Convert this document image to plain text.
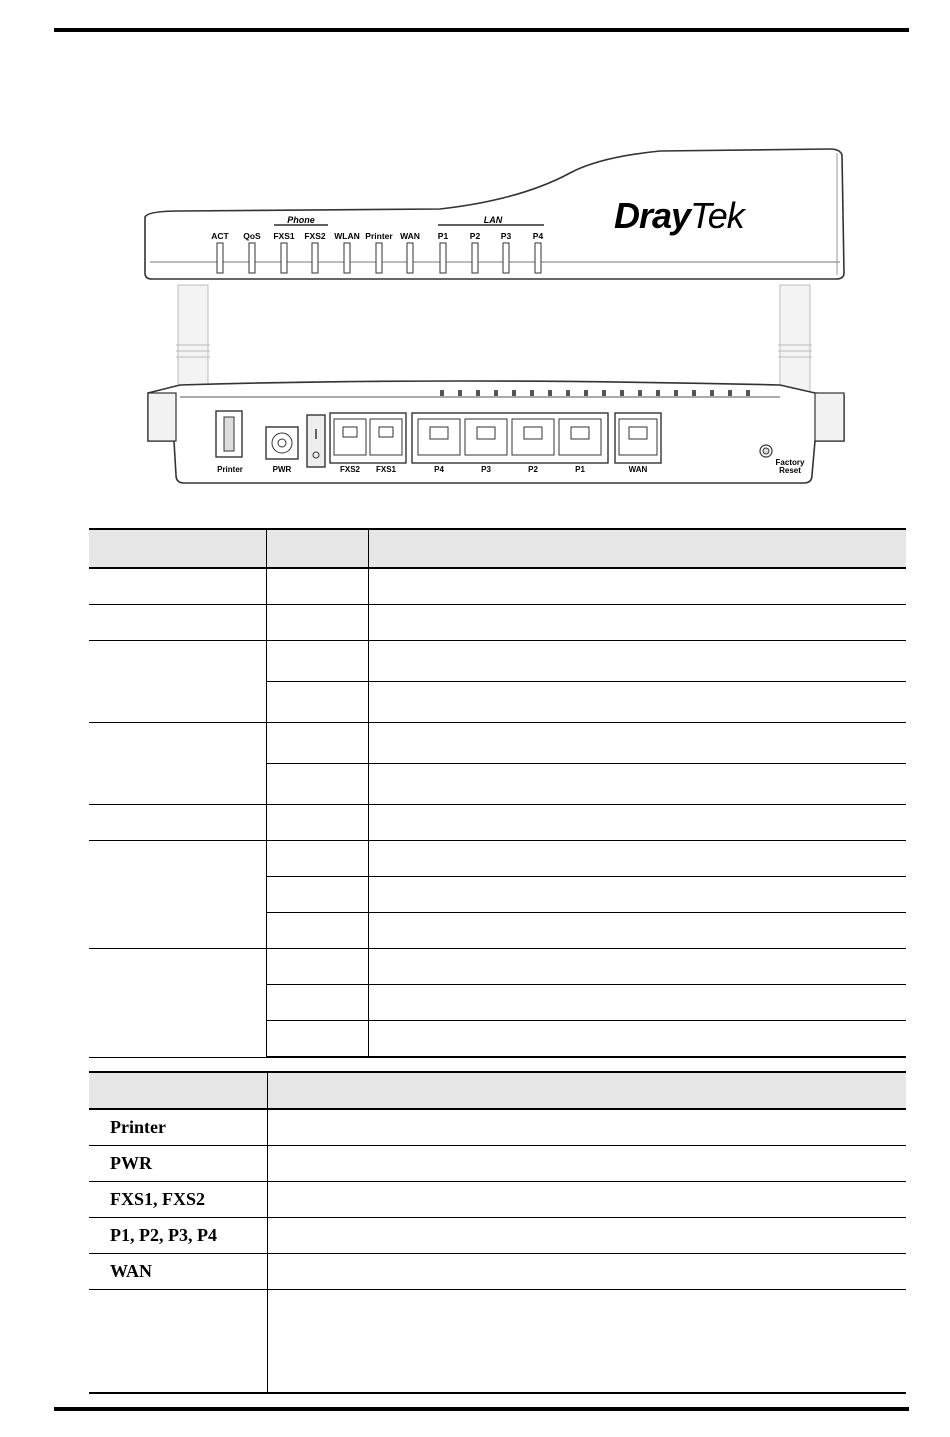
Phone	LAN
ACT QoS FXS1 FXS2 WLAN Printer WAN P1	P2 P3	P4 DrayTek
Printer	PWR	FXS2 FXS1	P4	P3	P2	P1	WAN
Factory
Reset

Printer	
PWR	
FXS1, FXS2	
P1, P2, P3, P4	
WAN	
